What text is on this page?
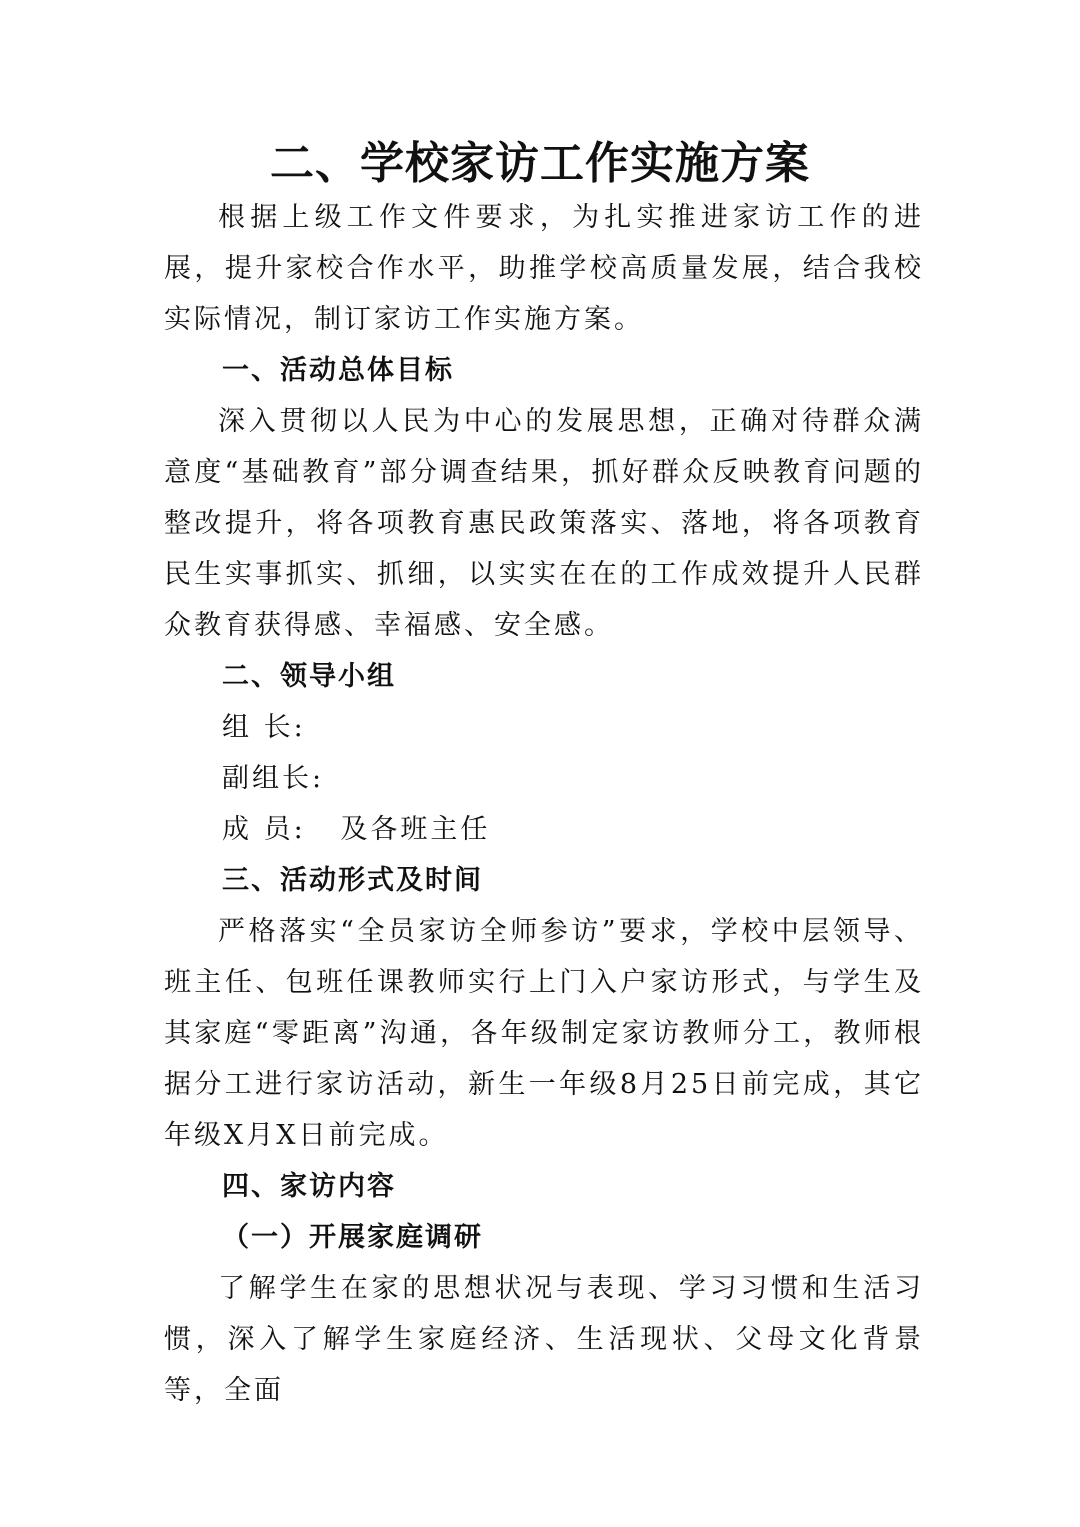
二、学校家访工作实施方案

根据上级工作文件要求，为扎实推进家访工作的进展，提升家校合作水平，助推学校高质量发展，结合我校实际情况，制订家访工作实施方案。

一、活动总体目标

深入贯彻以人民为中心的发展思想，正确对待群众满意度“基础教育”部分调查结果，抓好群众反映教育问题的整改提升，将各项教育惠民政策落实、落地，将各项教育民生实事抓实、抓细，以实实在在的工作成效提升人民群众教育获得感、幸福感、安全感。

二、领导小组

组 长:

副组长:

成 员:   及各班主任

三、活动形式及时间

严格落实“全员家访全师参访”要求，学校中层领导、班主任、包班任课教师实行上门入户家访形式，与学生及其家庭“零距离”沟通，各年级制定家访教师分工，教师根据分工进行家访活动，新生一年级8月25日前完成，其它年级X月X日前完成。

四、家访内容

（一）开展家庭调研

了解学生在家的思想状况与表现、学习习惯和生活习惯，深入了解学生家庭经济、生活现状、父母文化背景等，全面
